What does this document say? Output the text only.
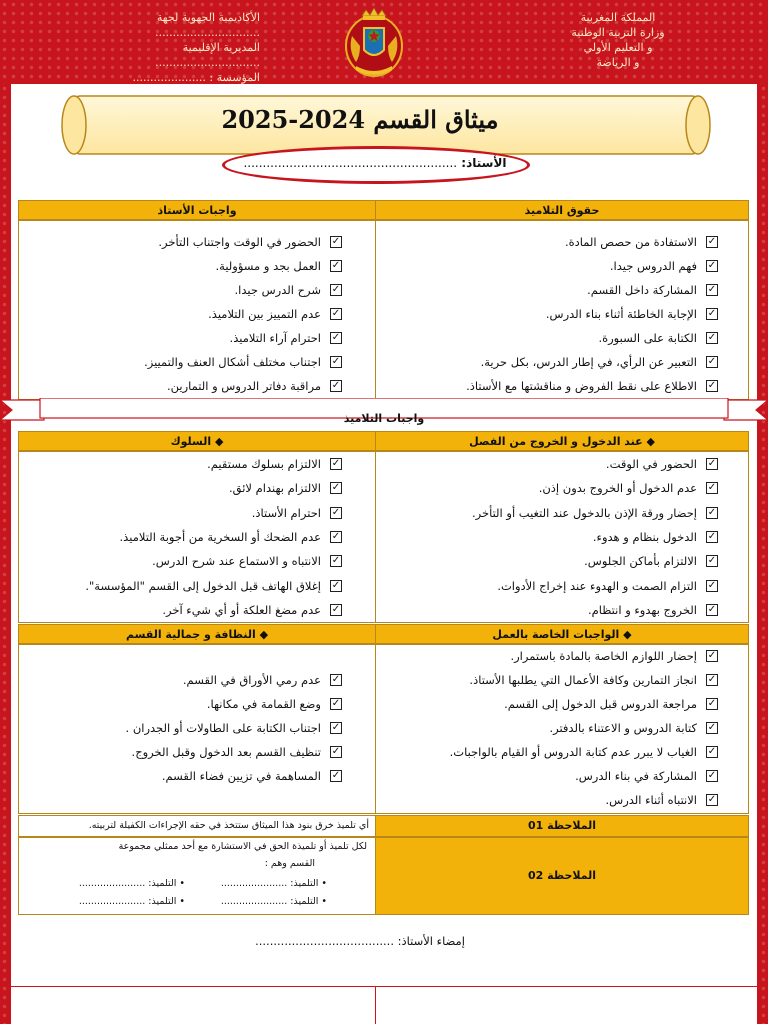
المملكة المغربية
وزارة التربية الوطنية
و التعليم الأولي
و الرياضة
الأكاديمية الجهوية لجهة
..............................
المديرية الإقليمية
..............................
المؤسسة : .....................
ميثاق القسم 2024-2025
الأستاذ: ........................................................
حقوق التلاميذ
واجبات الأستاذ
✓
الاستفادة من حصص المادة.
✓
فهم الدروس جيدا.
✓
المشاركة داخل القسم.
✓
الإجابة الخاطئة أثناء بناء الدرس.
✓
الكتابة على السبورة.
✓
التعبير عن الرأي، في إطار الدرس، بكل حرية.
✓
الاطلاع على نقط الفروض و مناقشتها مع الأستاذ.
✓
الحضور في الوقت واجتناب التأخر.
✓
العمل بجد و مسؤولية.
✓
شرح الدرس جيدا.
✓
عدم التمييز بين التلاميذ.
✓
احترام آراء التلاميذ.
✓
اجتناب مختلف أشكال العنف والتمييز.
✓
مراقبة دفاتر الدروس و التمارين.
واجبات التلاميذ
◆ عند الدخول و الخروج من الفصل
◆ السلوك
✓
الحضور في الوقت.
✓
عدم الدخول أو الخروج بدون إذن.
✓
إحضار ورقة الإذن بالدخول عند التغيب أو التأخر.
✓
الدخول بنظام و هدوء.
✓
الالتزام بأماكن الجلوس.
✓
التزام الصمت و الهدوء عند إخراج الأدوات.
✓
الخروج بهدوء و انتظام.
✓
الالتزام بسلوك مستقيم.
✓
الالتزام بهندام لائق.
✓
احترام الأستاذ.
✓
عدم الضحك أو السخرية من أجوبة التلاميذ.
✓
الانتباه و الاستماع عند شرح الدرس.
✓
إغلاق الهاتف قبل الدخول إلى القسم "المؤسسة".
✓
عدم مضغ العلكة أو أي شيء آخر.
◆ الواجبات الخاصة بالعمل
◆ النظافة و جمالية القسم
✓
إحضار اللوازم الخاصة بالمادة باستمرار.
✓
انجاز التمارين وكافة الأعمال التي يطلبها الأستاذ.
✓
مراجعة الدروس قبل الدخول إلى القسم.
✓
كتابة الدروس و الاعتناء بالدفتر.
✓
الغياب لا يبرر عدم كتابة الدروس أو القيام بالواجبات.
✓
المشاركة في بناء الدرس.
✓
الانتباه أثناء الدرس.
✓
عدم رمي الأوراق في القسم.
✓
وضع القمامة في مكانها.
✓
اجتناب الكتابة على الطاولات أو الجدران .
✓
تنظيف القسم بعد الدخول وقبل الخروج.
✓
المساهمة في تزيين فضاء القسم.
الملاحظة 01
أي تلميذ خرق بنود هذا الميثاق ستتخذ في حقه الإجراءات الكفيلة لتربيته.
الملاحظة 02
لكل تلميذ أو تلميذة الحق في الاستشارة مع أحد ممثلي مجموعة
القسم وهم :
• التلميذ: ......................
• التلميذ: ......................
• التلميذ: ......................
• التلميذ: ......................
إمضاء الأستاذ: ......................................
